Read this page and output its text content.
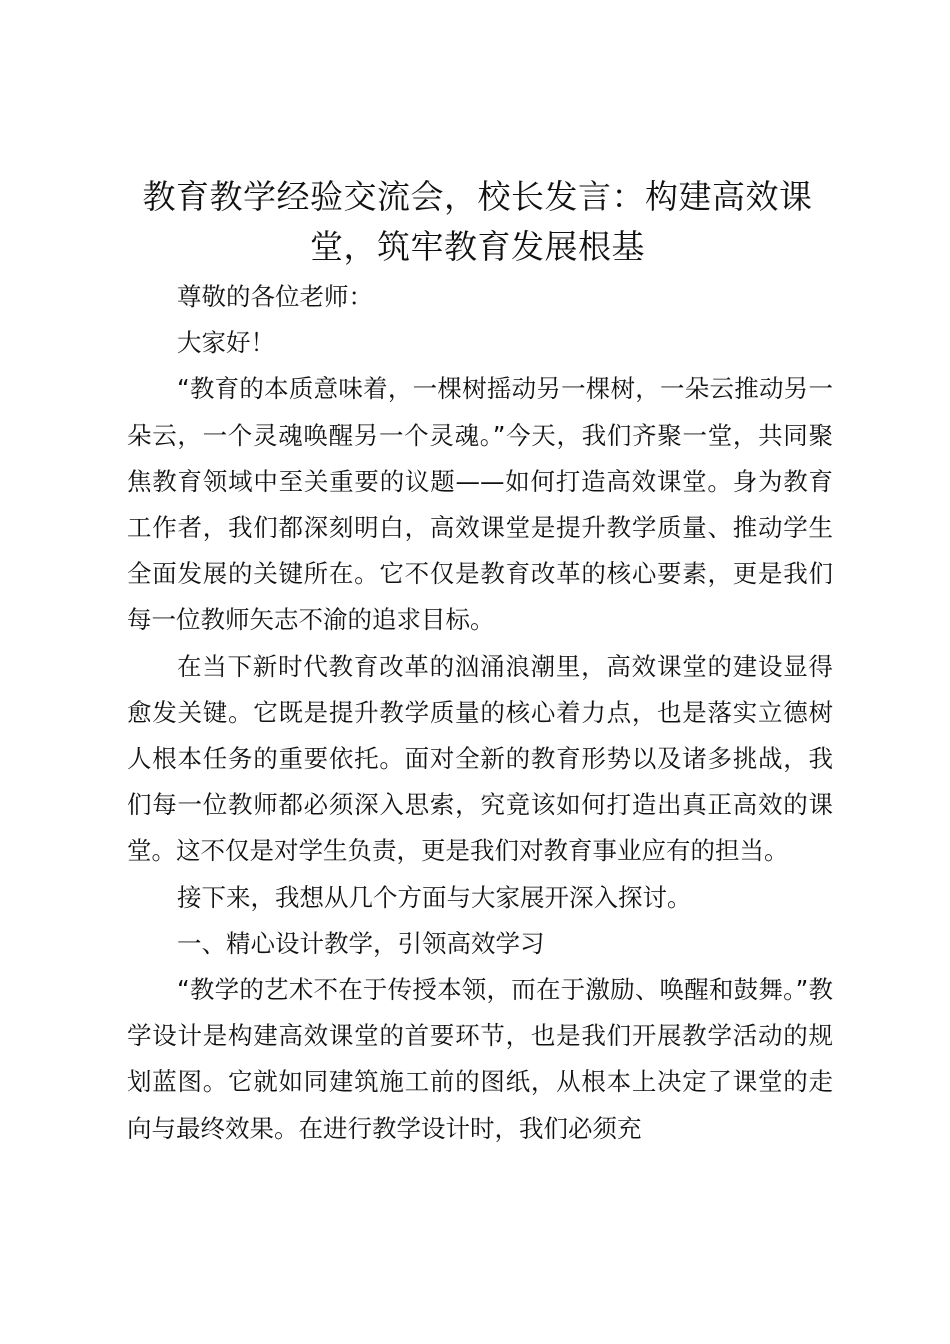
教育教学经验交流会，校长发言：构建高效课堂，筑牢教育发展根基

尊敬的各位老师：

大家好！

“教育的本质意味着，一棵树摇动另一棵树，一朵云推动另一朵云，一个灵魂唤醒另一个灵魂。”今天，我们齐聚一堂，共同聚焦教育领域中至关重要的议题——如何打造高效课堂。身为教育工作者，我们都深刻明白，高效课堂是提升教学质量、推动学生全面发展的关键所在。它不仅是教育改革的核心要素，更是我们每一位教师矢志不渝的追求目标。

在当下新时代教育改革的汹涌浪潮里，高效课堂的建设显得愈发关键。它既是提升教学质量的核心着力点，也是落实立德树人根本任务的重要依托。面对全新的教育形势以及诸多挑战，我们每一位教师都必须深入思索，究竟该如何打造出真正高效的课堂。这不仅是对学生负责，更是我们对教育事业应有的担当。

接下来，我想从几个方面与大家展开深入探讨。

一、精心设计教学，引领高效学习

“教学的艺术不在于传授本领，而在于激励、唤醒和鼓舞。”教学设计是构建高效课堂的首要环节，也是我们开展教学活动的规划蓝图。它就如同建筑施工前的图纸，从根本上决定了课堂的走向与最终效果。在进行教学设计时，我们必须充
